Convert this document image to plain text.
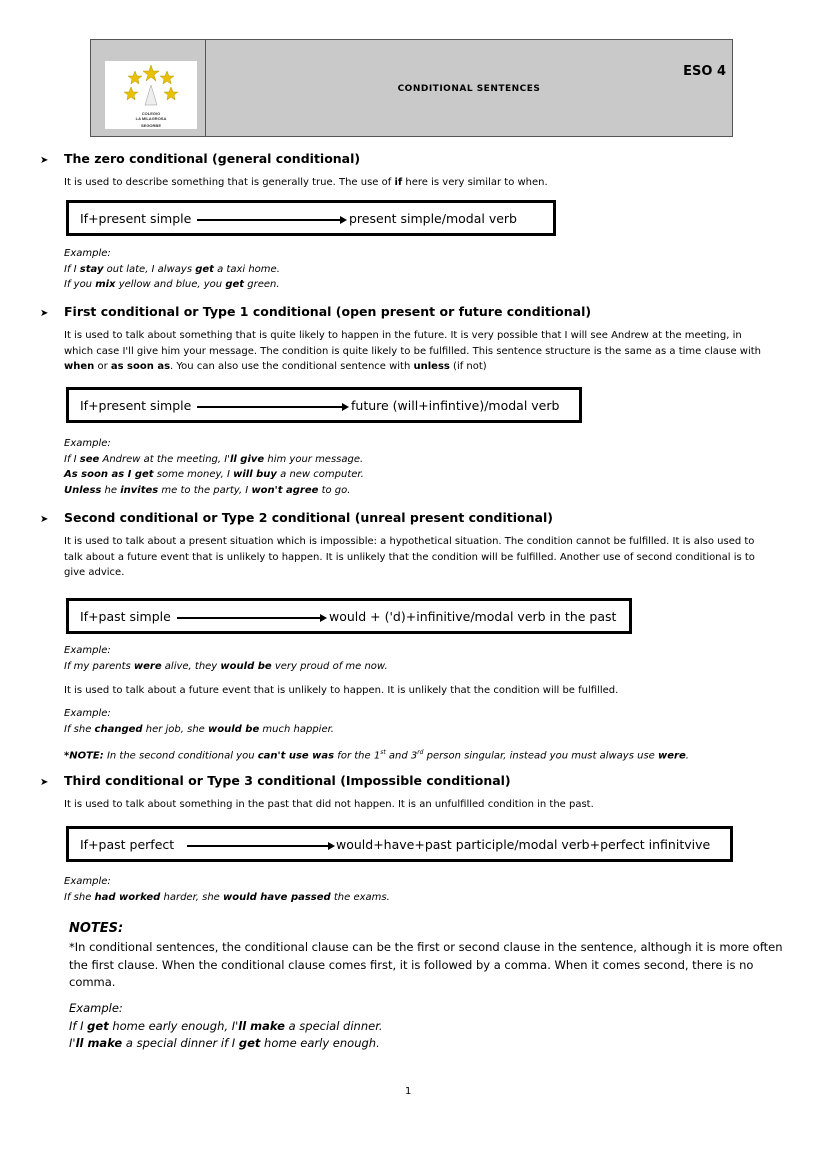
COLEGIO
LA MILAGROSA
SEGORBE
ESO 4
CONDITIONAL SENTENCES
➤ The zero conditional (general conditional)
It is used to describe something that is generally true. The use of if here is very similar to when.
If+present simple	present simple/modal verb
Example:
If I stay out late, I always get a taxi home.
If you mix yellow and blue, you get green.
➤ First conditional or Type 1 conditional (open present or future conditional)
It is used to talk about something that is quite likely to happen in the future. It is very possible that I will see Andrew at the meeting, in
which case I'll give him your message. The condition is quite likely to be fulfilled. This sentence structure is the same as a time clause with
when or as soon as. You can also use the conditional sentence with unless (if not)
If+present simple	future (will+infintive)/modal verb
Example:
If I see Andrew at the meeting, I'll give him your message.
As soon as I get some money, I will buy a new computer.
Unless he invites me to the party, I won't agree to go.
➤ Second conditional or Type 2 conditional (unreal present conditional)
It is used to talk about a present situation which is impossible: a hypothetical situation. The condition cannot be fulfilled. It is also used to
talk about a future event that is unlikely to happen. It is unlikely that the condition will be fulfilled. Another use of second conditional is to
give advice.
If+past simple	would + ('d)+infinitive/modal verb in the past
Example:
If my parents were alive, they would be very proud of me now.
It is used to talk about a future event that is unlikely to happen. It is unlikely that the condition will be fulfilled.
Example:
If she changed her job, she would be much happier.
*NOTE: In the second conditional you can't use was for the 1st and 3rd person singular, instead you must always use were.
➤ Third conditional or Type 3 conditional (Impossible conditional)
It is used to talk about something in the past that did not happen. It is an unfulfilled condition in the past.
If+past perfect	would+have+past participle/modal verb+perfect infinitvive
Example:
If she had worked harder, she would have passed the exams.
NOTES:
*In conditional sentences, the conditional clause can be the first or second clause in the sentence, although it is more often the first clause. When the conditional clause comes first, it is followed by a comma. When it comes second, there is no comma.
Example:
If I get home early enough, I'll make a special dinner.
I'll make a special dinner if I get home early enough.
1
